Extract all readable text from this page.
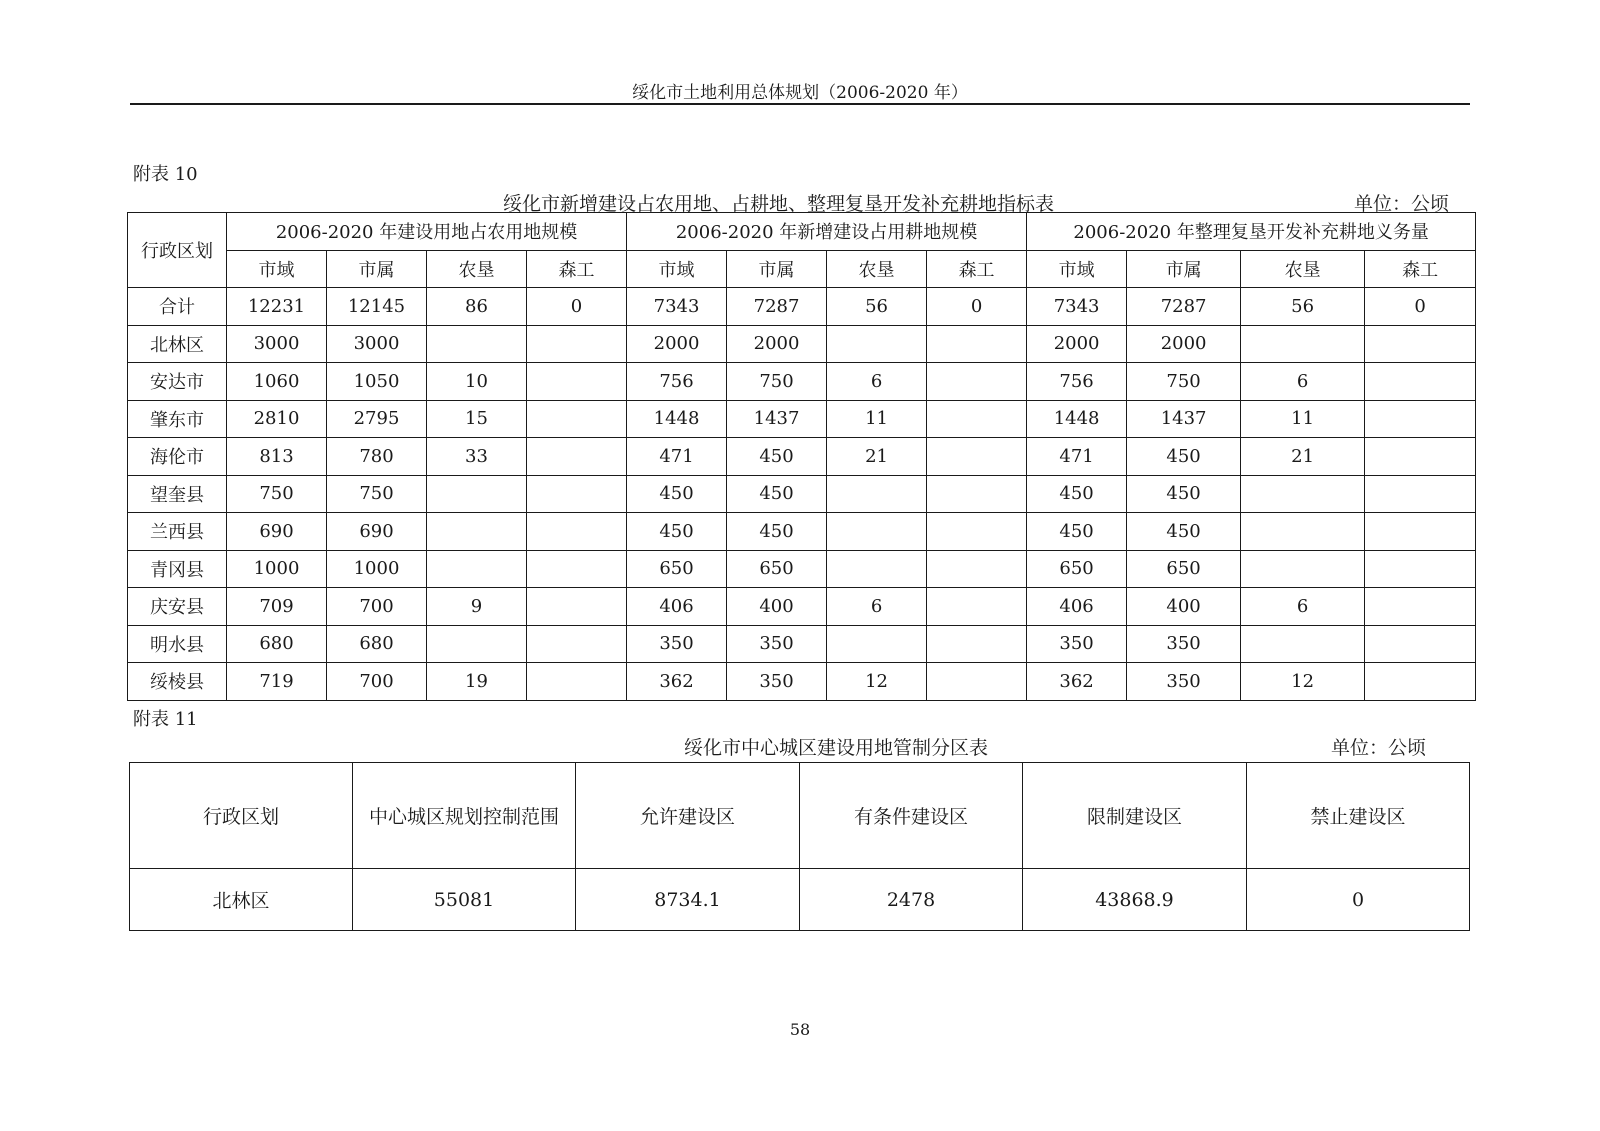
绥化市土地利用总体规划（2006-2020 年）
附表 10
绥化市新增建设占农用地、占耕地、整理复垦开发补充耕地指标表	单位：公顷
行政区划	2006-2020 年建设用地占农用地规模				2006-2020 年新增建设占用耕地规模				2006-2020 年整理复垦开发补充耕地义务量			
	市域	市属	农垦	森工	市域	市属	农垦	森工	市域	市属	农垦	森工
合计	12231	12145	86	0	7343	7287	56	0	7343	7287	56	0
北林区	3000	3000			2000	2000			2000	2000		
安达市	1060	1050	10		756	750	6		756	750	6	
肇东市	2810	2795	15		1448	1437	11		1448	1437	11	
海伦市	813	780	33		471	450	21		471	450	21	
望奎县	750	750			450	450			450	450		
兰西县	690	690			450	450			450	450		
青冈县	1000	1000			650	650			650	650		
庆安县	709	700	9		406	400	6		406	400	6	
明水县	680	680			350	350			350	350		
绥棱县	719	700	19		362	350	12		362	350	12	
附表 11
绥化市中心城区建设用地管制分区表	单位：公顷
行政区划	中心城区规划控制范围	允许建设区	有条件建设区	限制建设区	禁止建设区
北林区	55081	8734.1	2478	43868.9	0
58
